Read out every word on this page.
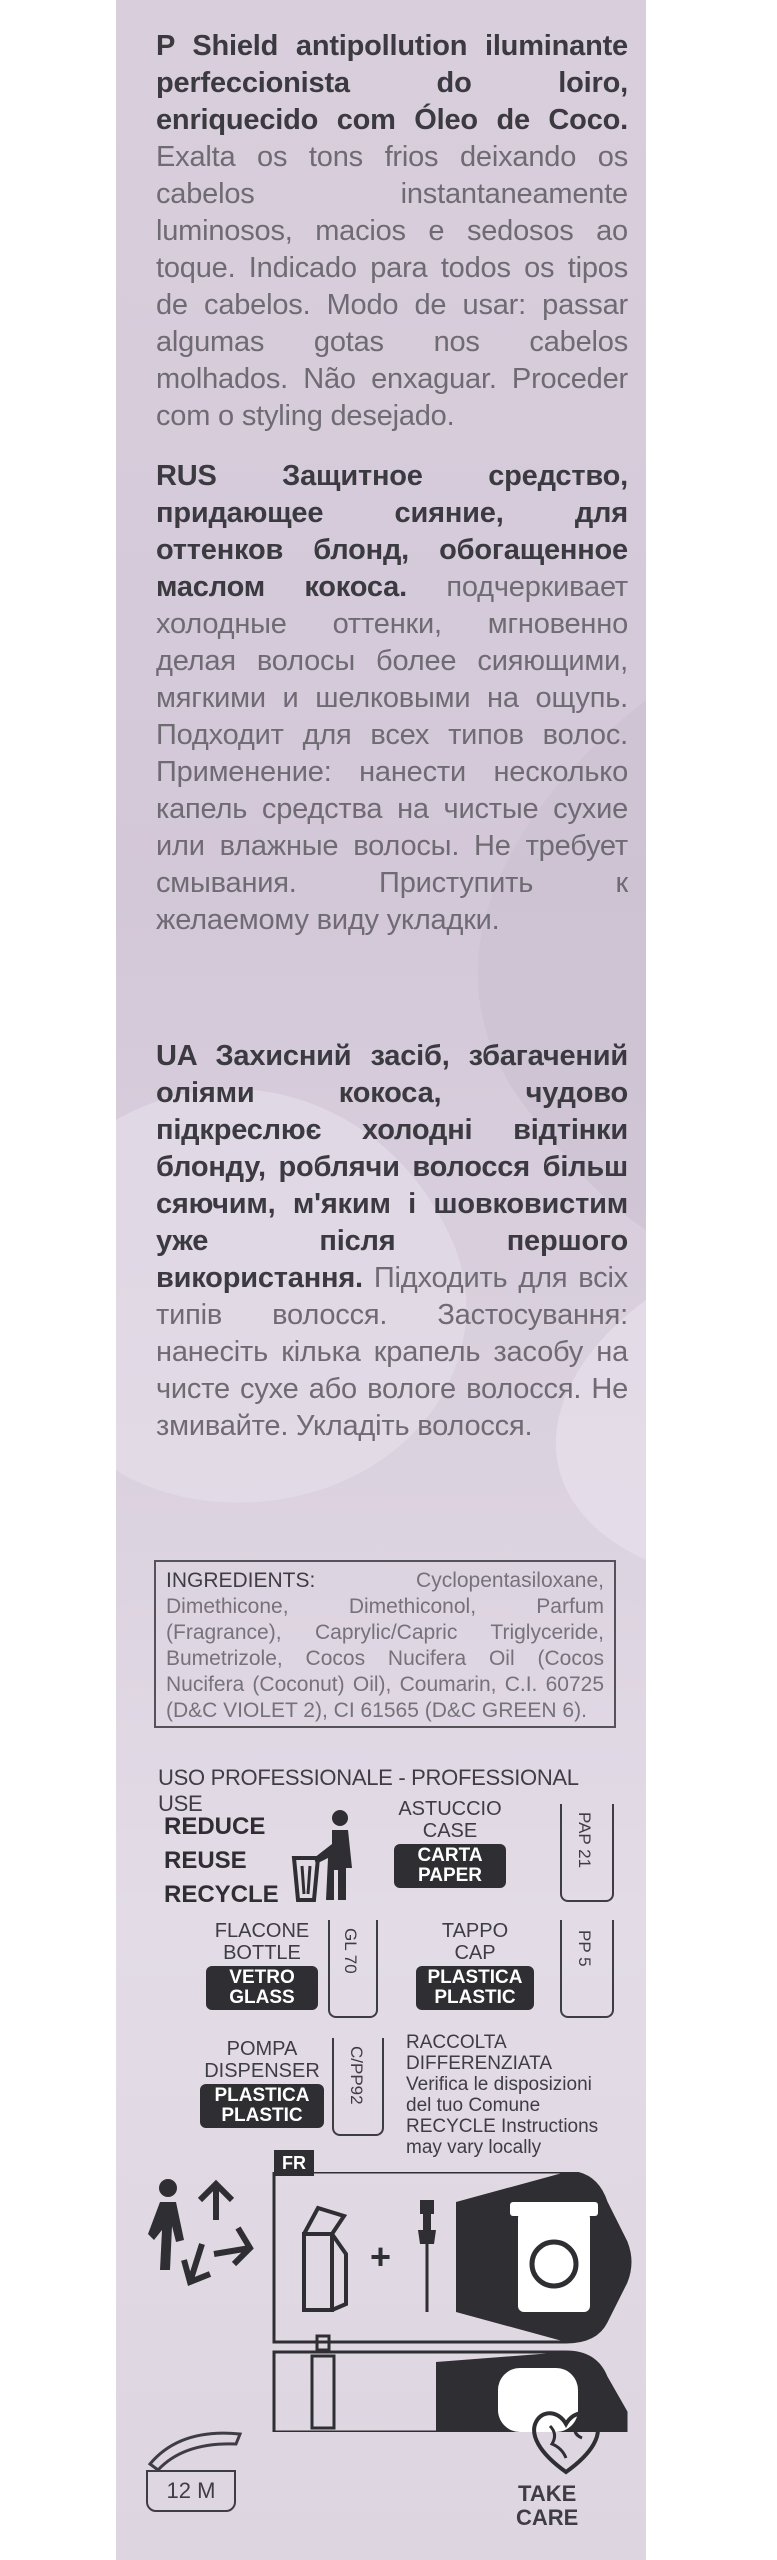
P Shield antipollution iluminante perfeccionista do loiro, enriquecido com Óleo de Coco. Exalta os tons frios deixando os cabelos instantaneamente luminosos, macios e sedosos ao toque. Indicado para todos os tipos de cabelos. Modo de usar: passar algumas gotas nos cabelos molhados. Não enxaguar. Proceder com o styling desejado.

RUS Защитное средство, придающее сияние, для оттенков блонд, обогащенное маслом кокоса. подчеркивает холодные оттенки, мгновенно делая волосы более сияющими, мягкими и шелковыми на ощупь. Подходит для всех типов волос. Применение: нанести несколько капель средства на чистые сухие или влажные волосы. Не требует смывания. Приступить к желаемому виду укладки.

UA Захисний засіб, збагачений оліями кокоса, чудово підкреслює холодні відтінки блонду, роблячи волосся більш сяючим, м'яким і шовковистим уже після першого використання. Підходить для всіх типів волосся. Застосування: нанесіть кілька крапель засобу на чисте сухе або вологе волосся. Не змивайте. Укладіть волосся.

INGREDIENTS:	Cyclopentasiloxane, Dimethicone, Dimethiconol, Parfum (Fragrance), Caprylic/Capric Triglyceride, Bumetrizole, Cocos Nucifera Oil (Cocos Nucifera (Coconut) Oil), Coumarin, C.I. 60725 (D&C VIOLET 2), CI 61565 (D&C GREEN 6).
USO PROFESSIONALE - PROFESSIONAL USE
REDUCE
REUSE
RECYCLE
ASTUCCIO
CASE
CARTA
PAPER
PAP 21
FLACONE
BOTTLE
VETRO
GLASS
GL 70	TAPPO
CAP
PLASTICA
PLASTIC
PP 5
POMPA
DISPENSER
PLASTICA
PLASTIC
C/PP92
RACCOLTA DIFFERENZIATA
Verifica le disposizioni
del tuo Comune
RECYCLE Instructions
may vary locally
FR
+
12 M	TAKE
CARE
